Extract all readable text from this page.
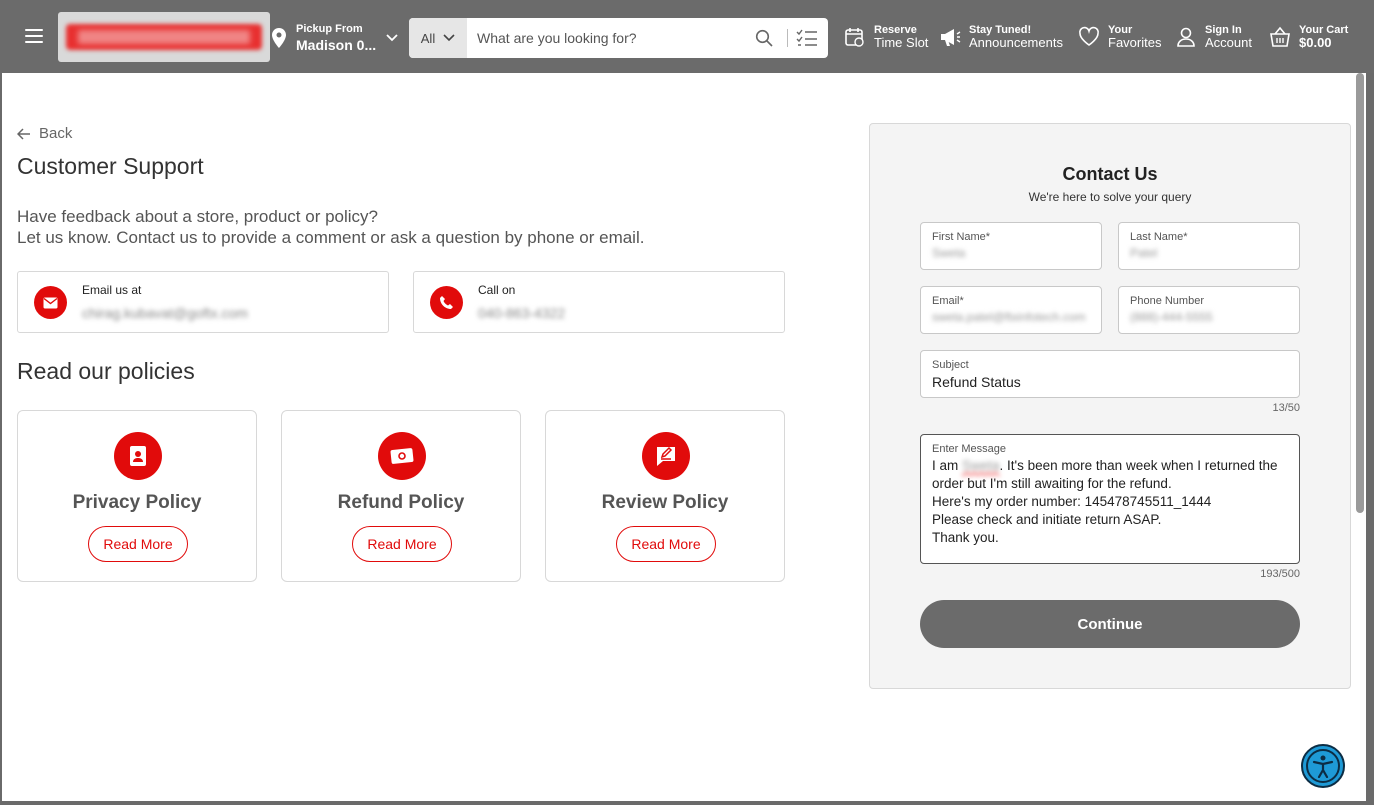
Pickup From
Madison 0...	All
What are you looking for?
Reserve
Time Slot
Stay Tuned!
Announcements
Your
Favorites
Sign In
Account
Your Cart
$0.00
Back
Customer Support
Have feedback about a store, product or policy?
Let us know. Contact us to provide a comment or ask a question by phone or email.
Email us at
chirag.kubavat@goftx.com
Call on
040-863-4322
Read our policies
Privacy Policy
Read More
Refund Policy
Read More
Review Policy
Read More
Contact Us
We're here to solve your query
First Name*
Sweta
Last Name*
Patel
Email*
sweta.patel@ftxinfotech.com
Phone Number
(888)-444-5555
Subject
Refund Status
13/50
Enter Message
I am Sweta. It's been more than week when I returned the
order but I'm still awaiting for the refund.
Here's my order number: 145478745511_1444
Please check and initiate return ASAP.
Thank you.
193/500
Continue
